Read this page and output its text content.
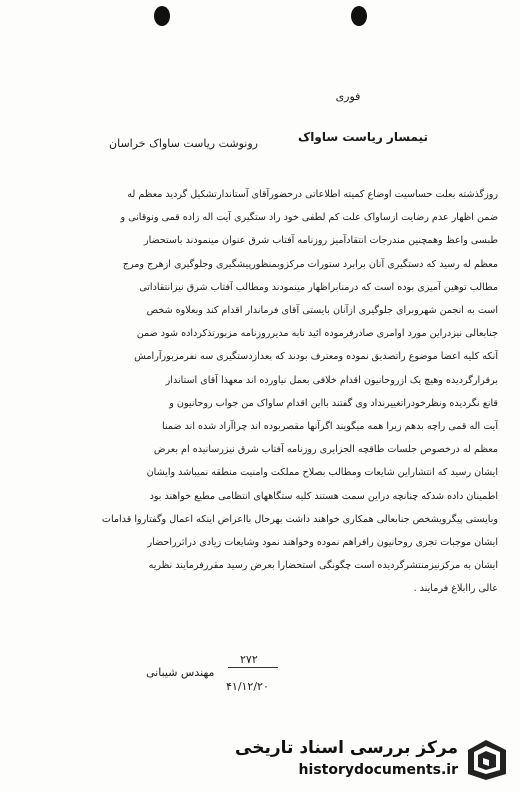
فوری
تیمسار ریاست ساواک
رونوشت ریاست ساواک خراسان

روزگذشته بعلت حساسیت اوضاع کمیته اطلاعاتی درحضورآقای آستاندارتشکیل گردید معظم له

ضمن اظهار عدم رضایت ازساواک علت کم لطفی خود راد ستگیری آیت اله زاده قمی ونوقانی و

طبسی واعظ وهمچنین مندرجات انتقادآمیز روزنامه آفتاب شرق عنوان مینمودند باستحضار

معظم له رسید که دستگیری آنان برابرد ستورات مرکزوبمنظورپیشگیری وجلوگیری ازهرج ومرج

مطالب توهین آمیزی بوده است که درمنابراظهار مینمودند ومطالب آفتاب شرق نیزانتقاداتی

است به انجمن شهروبرای جلوگیری ازآنان بایستی آقای فرماندار اقدام کند وبعلاوه شخص

جنابعالی نیزدراین مورد اوامری صادرفرموده ائید تابه مدیرروزنامه مزبورتذکرداده شود ضمن

آنکه کلیه اعضا موضوع راتصدیق نموده ومعترف بودند که بعدازدستگیری سه نفرمزبورآرامش

برقرارگردیده وهیچ یک ازروحانیون اقدام خلافی بعمل نیاورده اند معهذا آقای استاندار

قانع نگردیده ونظرخودراتغییرنداد وی گفتند بااین اقدام ساواک من جواب روحانیون و

آیت اله قمی راچه بدهم زیرا همه میگویند اگرآنها مقصربوده اند چراآزاد شده اند ضمنا

معظم له درخصوص جلسات طاقچه الجزایری روزنامه آفتاب شرق نیزرسانیده ام بعرض

ایشان رسید که انتشاراین شایعات ومطالب بصلاح مملکت وامنیت منطقه نمیباشد وایشان

اطمینان داده شدکه چنانچه دراین سمت هستند کلیه ستگاههای انتظامی مطیع خواهند بود

وبایستی پیگرویشخص جنابعالی همکاری خواهند داشت بهرحال بااعراض اینکه اعمال وگفتاروا قدامات

ایشان موجبات تجری روحانیون رافراهم نموده وخواهند نمود وشایعات زیادی دراثرراحضار

ایشان به مرکزنیزمنتشرگردیده است چگونگی استحضارا بعرض رسید مقررفرمایند نظریه

عالی راابلاغ فرمایند .

۲۷۲
مهندس شیبانی
۴۱/۱۲/۲۰
مرکز بررسی اسناد تاریخی
historydocuments.ir
